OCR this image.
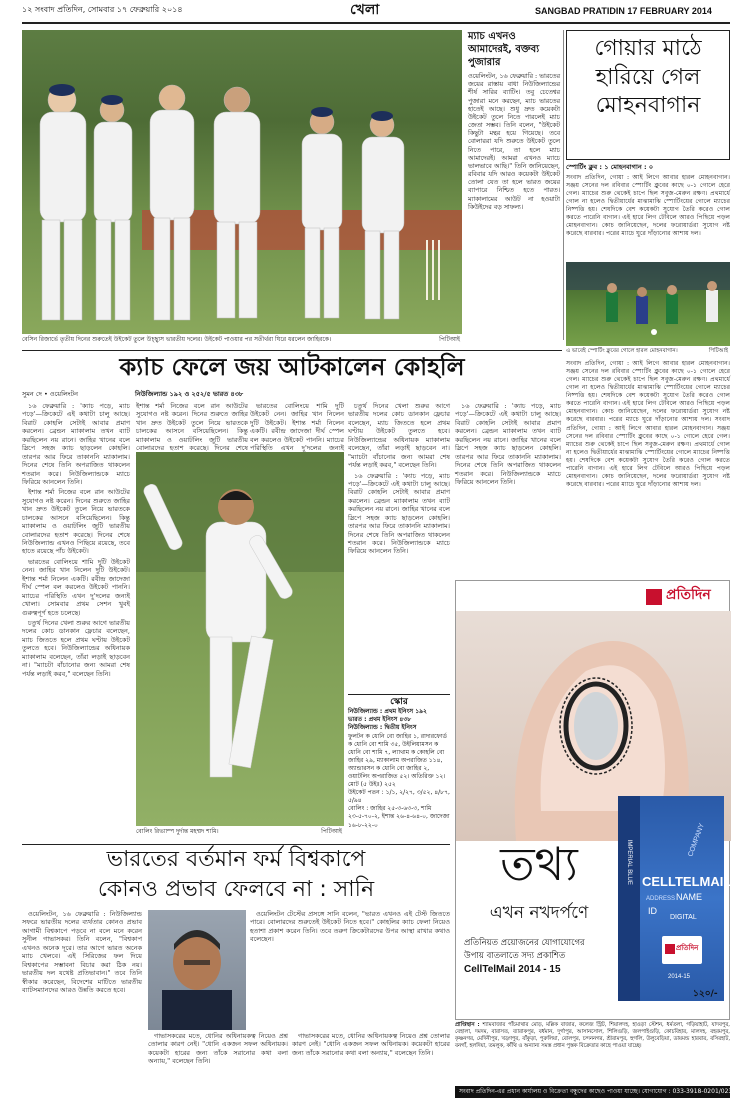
১২ সংবাদ প্রতিদিন, সোমবার ১৭ ফেব্রুয়ারি ২০১৪	খেলা	SANGBAD PRATIDIN 17 FEBRUARY 2014
বেসিন রিজার্ভে তৃতীয় দিনের শুরুতেই উইকেট তুলে উচ্ছ্বাস ভারতীয় দলের। উইকেট পাওয়ার পর সতীর্থরা ঘিরে ধরলেন জাহিরকে।	পিটিআই
ম্যাচ এখনও আমাদেরই, বক্তব্য পুজারার
ওয়েলিংটন, ১৬ ফেব্রুয়ারি : ভারতের জয়ের রাস্তায় বাধা নিউজিল্যান্ডের শীর্ষ সারির ব্যাটিং। তবু চেতেশ্বর পুজারা মনে করছেন, ম্যাচ ভারতের হাতেই আছে। শুধু দ্রুত কয়েকটা উইকেট তুলে নিতে পারলেই ম্যাচ জেতা সম্ভব। তিনি বলেন, "উইকেট কিছুটা মন্থর হয়ে গিয়েছে। তবে বোলাররা যদি শুরুতে উইকেট তুলে নিতে পারে, তা হলে ম্যাচ আমাদেরই। আমরা এখনও ম্যাচে ভালভাবে আছি।" তিনি জানিয়েছেন, রবিবার যদি আরও কয়েকটা উইকেট তোলা যেত তা হলে ভারত জয়ের ব্যাপারে নিশ্চিত হতে পারত। ম্যাকালামের আউট না হওয়াটা কিউইদের বড় সাফল্য।
গোয়ার মাঠে হারিয়ে গেল মোহনবাগান
স্পোর্টিং ক্লুব : ১ মোহনবাগান : ০
সংবাদ প্রতিদিন, গোয়া : আই লিগে আবার হারল মোহনবাগান। সঞ্জয় সেনের দল রবিবার স্পোর্টিং ক্লুবের কাছে ০-১ গোলে হেরে গেল। ম্যাচের শুরু থেকেই চাপে ছিল সবুজ-মেরুন রক্ষণ। প্রথমার্ধে গোল না হলেও দ্বিতীয়ার্ধের মাঝামাঝি স্পোর্টিংয়ের গোলে ম্যাচের নিষ্পত্তি হয়। শেষদিকে বেশ কয়েকটা সুযোগ তৈরি করেও গোল করতে পারেনি বাগান। এই হারে লিগ টেবিলে আরও পিছিয়ে পড়ল মোহনবাগান। কোচ জানিয়েছেন, দলের ফরোয়ার্ডরা সুযোগ নষ্ট করেছে বারবার। পরের ম্যাচে ঘুরে দাঁড়ানোর আশায় দল।
এ ভাবেই স্পোর্টিং ক্লুবের গোলে হারল মোহনবাগান।	পিটিআই
সংবাদ প্রতিদিন, গোয়া : আই লিগে আবার হারল মোহনবাগান। সঞ্জয় সেনের দল রবিবার স্পোর্টিং ক্লুবের কাছে ০-১ গোলে হেরে গেল। ম্যাচের শুরু থেকেই চাপে ছিল সবুজ-মেরুন রক্ষণ। প্রথমার্ধে গোল না হলেও দ্বিতীয়ার্ধের মাঝামাঝি স্পোর্টিংয়ের গোলে ম্যাচের নিষ্পত্তি হয়। শেষদিকে বেশ কয়েকটা সুযোগ তৈরি করেও গোল করতে পারেনি বাগান। এই হারে লিগ টেবিলে আরও পিছিয়ে পড়ল মোহনবাগান। কোচ জানিয়েছেন, দলের ফরোয়ার্ডরা সুযোগ নষ্ট করেছে বারবার। পরের ম্যাচে ঘুরে দাঁড়ানোর আশায় দল। সংবাদ প্রতিদিন, গোয়া : আই লিগে আবার হারল মোহনবাগান। সঞ্জয় সেনের দল রবিবার স্পোর্টিং ক্লুবের কাছে ০-১ গোলে হেরে গেল। ম্যাচের শুরু থেকেই চাপে ছিল সবুজ-মেরুন রক্ষণ। প্রথমার্ধে গোল না হলেও দ্বিতীয়ার্ধের মাঝামাঝি স্পোর্টিংয়ের গোলে ম্যাচের নিষ্পত্তি হয়। শেষদিকে বেশ কয়েকটা সুযোগ তৈরি করেও গোল করতে পারেনি বাগান। এই হারে লিগ টেবিলে আরও পিছিয়ে পড়ল মোহনবাগান। কোচ জানিয়েছেন, দলের ফরোয়ার্ডরা সুযোগ নষ্ট করেছে বারবার। পরের ম্যাচে ঘুরে দাঁড়ানোর আশায় দল।
ক্যাচ ফেলে জয় আটকালেন কোহলি
সুমন দে • ওয়েলিংটন	নিউজিল্যান্ড ১৯২ ও ২৫২/৫ ভারত ৪৩৮

১৬ ফেব্রুয়ারি : 'ক্যাচ পড়ে, ম্যাচ পড়ে'—ক্রিকেটে এই কথাটা চালু আছে। বিরাট কোহলি সেটাই আবার প্রমাণ করলেন। ব্রেন্ডন ম্যাকালাম তখন ব্যাট করছিলেন নয় রানে। জাহির খানের বলে স্লিপে সহজ ক্যাচ ছাড়লেন কোহলি। তারপর আর ফিরে তাকাননি ম্যাকালাম। দিনের শেষে তিনি অপরাজিত থাকলেন শতরান করে। নিউজিল্যান্ডকে ম্যাচে ফিরিয়ে আনলেন তিনি।

ইশান্ত শর্মা নিজের বলে রান আউটের সুযোগও নষ্ট করেন। দিনের শুরুতে জাহির খান দ্রুত উইকেট তুলে নিয়ে ভারতকে চালকের আসনে বসিয়েছিলেন। কিন্তু ম্যাকালাম ও ওয়াটলিং জুটি ভারতীয় বোলারদের হতাশ করেছে। দিনের শেষে নিউজিল্যান্ড এখনও পিছিয়ে রয়েছে, তবে হাতে রয়েছে পাঁচ উইকেট।

ভারতের বোলিংয়ে শামি দুটি উইকেট নেন। জাহির খান নিলেন দুটি উইকেট। ইশান্ত শর্মা নিলেন একটি। রবীন্দ্র জাদেজা দীর্ঘ স্পেল বল করলেও উইকেট পাননি। ম্যাচের পরিস্থিতি এখন দু'দলের জন্যই খোলা। সোমবার প্রথম সেশন খুবই গুরুত্বপূর্ণ হতে চলেছে।

চতুর্থ দিনের খেলা শুরুর আগে ভারতীয় দলের কোচ ডানকান ফ্লেচার বলেছেন, ম্যাচ জিততে হলে প্রথম ঘণ্টায় উইকেট তুলতে হবে। নিউজিল্যান্ডের অধিনায়ক ম্যাকালাম বলেছেন, তাঁরা লড়াই ছাড়বেন না। "ম্যাচটা বাঁচানোর জন্য আমরা শেষ পর্যন্ত লড়াই করব," বলেছেন তিনি।

ইশান্ত শর্মা নিজের বলে রান আউটের সুযোগও নষ্ট করেন। দিনের শুরুতে জাহির খান দ্রুত উইকেট তুলে নিয়ে ভারতকে চালকের আসনে বসিয়েছিলেন। কিন্তু ম্যাকালাম ও ওয়াটলিং জুটি ভারতীয় বোলারদের হতাশ করেছে। দিনের শেষে

ভারতের বোলিংয়ে শামি দুটি উইকেট নেন। জাহির খান নিলেন দুটি উইকেট। ইশান্ত শর্মা নিলেন একটি। রবীন্দ্র জাদেজা দীর্ঘ স্পেল বল করলেও উইকেট পাননি। ম্যাচের পরিস্থিতি এখন দু'দলের জন্যই

চতুর্থ দিনের খেলা শুরুর আগে ভারতীয় দলের কোচ ডানকান ফ্লেচার বলেছেন, ম্যাচ জিততে হলে প্রথম ঘণ্টায় উইকেট তুলতে হবে। নিউজিল্যান্ডের অধিনায়ক ম্যাকালাম বলেছেন, তাঁরা লড়াই ছাড়বেন না। "ম্যাচটা বাঁচানোর জন্য আমরা শেষ পর্যন্ত লড়াই করব," বলেছেন তিনি।

১৬ ফেব্রুয়ারি : 'ক্যাচ পড়ে, ম্যাচ পড়ে'—ক্রিকেটে এই কথাটা চালু আছে। বিরাট কোহলি সেটাই আবার প্রমাণ করলেন। ব্রেন্ডন ম্যাকালাম তখন ব্যাট করছিলেন নয় রানে। জাহির খানের বলে স্লিপে সহজ ক্যাচ ছাড়লেন কোহলি। তারপর আর ফিরে তাকাননি ম্যাকালাম। দিনের শেষে তিনি অপরাজিত থাকলেন শতরান করে। নিউজিল্যান্ডকে ম্যাচে ফিরিয়ে আনলেন তিনি।

১৬ ফেব্রুয়ারি : 'ক্যাচ পড়ে, ম্যাচ পড়ে'—ক্রিকেটে এই কথাটা চালু আছে। বিরাট কোহলি সেটাই আবার প্রমাণ করলেন। ব্রেন্ডন ম্যাকালাম তখন ব্যাট করছিলেন নয় রানে। জাহির খানের বলে স্লিপে সহজ ক্যাচ ছাড়লেন কোহলি। তারপর আর ফিরে তাকাননি ম্যাকালাম। দিনের শেষে তিনি অপরাজিত থাকলেন শতরান করে। নিউজিল্যান্ডকে ম্যাচে ফিরিয়ে আনলেন তিনি।

বোলিং রিভ্যাম্প দুর্দান্ত মহম্মদ শামি।	পিটিআই
স্কোর
নিউজিল্যান্ড : প্রথম ইনিংস ১৯২
ভারত : প্রথম ইনিংস ৪৩৮
নিউজিল্যান্ড : দ্বিতীয় ইনিংস
ফুলটন ক ধোনি বো জাহির ১, রাদারফোর্ড ক ধোনি বো শামি ৩৫, উইলিয়ামসন ক ধোনি বো শামি ৭, ল্যাথাম ক কোহলি বো জাহির ২৯, ম্যাকালাম অপরাজিত ১১৪, অ্যান্ডারসন ক ধোনি বো জাহির ২, ওয়াটলিং অপরাজিত ৫২। অতিরিক্ত ১২। মোট (৫ উইঃ) ২৫২
উইকেট পতন : ১/১, ২/২৭, ৩/৫২, ৪/৮৭, ৫/৯৪
বোলিং : জাহির ২৫-৩-৬৩-৩, শামি ২৩-৫-৭০-২, ইশান্ত ২৬-৪-৬৪-০, জাদেজা ১৬-৮-২২-০
প্রতিদিন
তথ্য
এখন নখদর্পণে
প্রতিনিয়ত প্রয়োজনের যোগাযোগের
উপায় বাতলাতে সদ্য প্রকাশিত
CellTelMail 2014 - 15
IMPERIAL BLUE CELLTELMAIL
ADDRESS NAME
ID
DIGITAL
COMPANY
প্রতিদিন
2014-15
১২০/-
ভারতের বর্তমান ফর্ম বিশ্বকাপে
কোনও প্রভাব ফেলবে না : সানি

ওয়েলিংটন, ১৬ ফেব্রুয়ারি : নিউজিল্যান্ড সফরে ভারতীয় দলের ব্যর্থতার কোনও প্রভাব আগামী বিশ্বকাপে পড়বে না বলে মনে করেন সুনীল গাভাসকর। তিনি বলেন, "বিশ্বকাপ এখনও অনেক দূরে। তার আগে ভারত অনেক ম্যাচ খেলবে। এই সিরিজের ফল দিয়ে বিশ্বকাপের সম্ভাবনা বিচার করা ঠিক নয়। ভারতীয় দল যথেষ্ট প্রতিভাবান।" তবে তিনি স্বীকার করেছেন, বিদেশের মাটিতে ভারতীয় ব্যাটসম্যানদের আরও উন্নতি করতে হবে।

গাভাসকরের মতে, ধোনির অধিনায়কত্ব নিয়েও প্রশ্ন তোলার কারণ নেই। "ধোনি একজন সফল অধিনায়ক। কয়েকটা হারের জন্য তাঁকে সরানোর কথা বলা অন্যায়," বলেছেন তিনি।

ওয়েলিংটন টেস্টের প্রসঙ্গে সানি বলেন, "ভারত এখনও এই টেস্ট জিততে পারে। বোলারদের শুরুতেই উইকেট নিতে হবে।" কোহলির ক্যাচ ফেলা নিয়েও হতাশা প্রকাশ করেন তিনি। তবে তরুণ ক্রিকেটারদের উপর আস্থা রাখার কথাও বলেছেন।

গাভাসকরের মতে, ধোনির অধিনায়কত্ব নিয়েও প্রশ্ন তোলার কারণ নেই। "ধোনি একজন সফল অধিনায়ক। কয়েকটা হারের জন্য তাঁকে সরানোর কথা বলা অন্যায়," বলেছেন তিনি।

প্রাপ্তিস্থান : শ্যামবাজার পাঁচমাথার মোড়, মল্লিক বাজার, কলেজ স্ট্রিট, শিয়ালদহ, হাওড়া স্টেশন, ধর্মতলা, গড়িয়াহাট, যাদবপুর, বেহালা, দমদম, বারাসত, ব্যারাকপুর, বর্ধমান, দুর্গাপুর, আসানসোল, শিলিগুড়ি, জলপাইগুড়ি, কোচবিহার, মালদহ, বহরমপুর, কৃষ্ণনগর, মেদিনীপুর, খড়্গপুর, বাঁকুড়া, পুরুলিয়া, বোলপুর, চন্দননগর, শ্রীরামপুর, হুগলি, উলুবেড়িয়া, ডায়মন্ড হারবার, বসিরহাট, বনগাঁ, হলদিয়া, তমলুক, কাঁথি ও অন্যান্য সমস্ত প্রধান পুস্তক বিক্রেতার কাছে পাওয়া যাচ্ছে।
সংবাদ প্রতিদিন-এর প্রধান কার্যালয় ও বিক্রেতা বন্ধুদের কাছেও পাওয়া যাচ্ছে। যোগাযোগ : 033-3918-0201/0234
